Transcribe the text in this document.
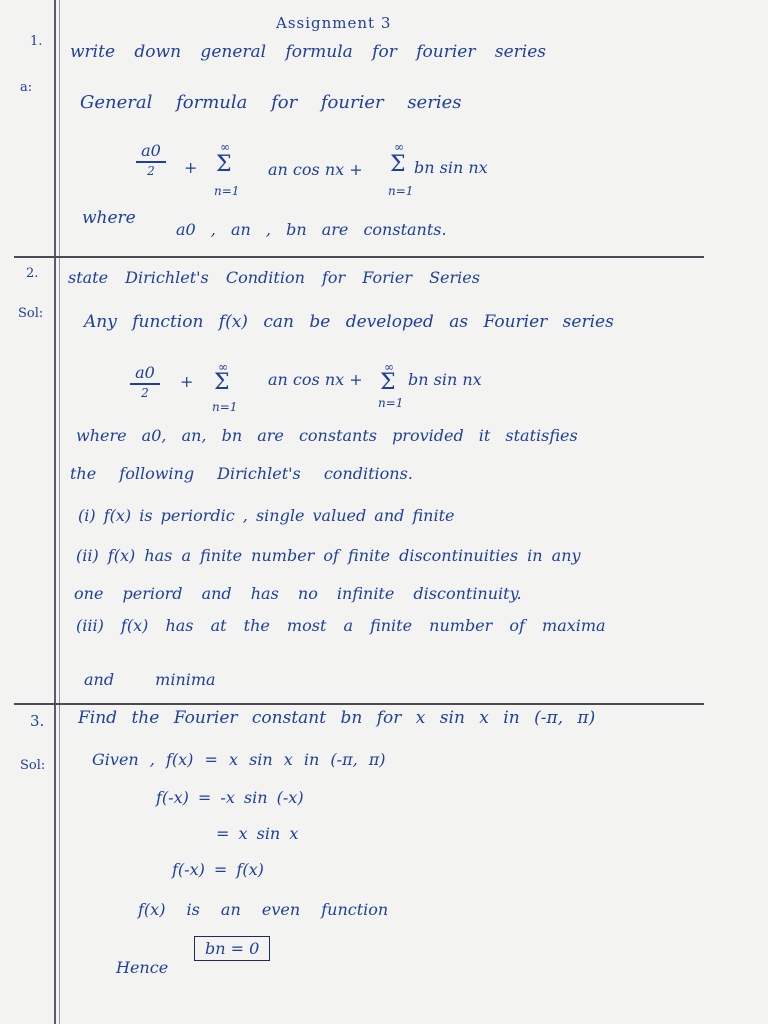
Assignment 3
1.
write down general formula for fourier series
a:
General formula for fourier series
a0
2	+
∞
Σ
n=1
an cos nx +
∞
Σ
n=1
bn sin nx
where
a0 , an , bn are constants.
2. state Dirichlet's Condition for Forier Series
Sol: Any function f(x) can be developed as Fourier series
a0
2
+
∞
Σ
n=1
an cos nx +
∞
Σ
n=1
bn sin nx
where a0, an, bn are constants provided it statisfies
the following Dirichlet's conditions.
(i) f(x) is periordic , single valued and finite
(ii) f(x) has a finite number of finite discontinuities in any
one periord and has no infinite discontinuity.
(iii) f(x) has at the most a finite number of maxima
and minima
3. Find the Fourier constant bn for x sin x in (-π, π)
Sol:	Given , f(x) = x sin x in (-π, π)
f(-x) = -x sin (-x)
= x sin x
f(-x) = f(x)
f(x) is an even function
Hence
bn = 0
